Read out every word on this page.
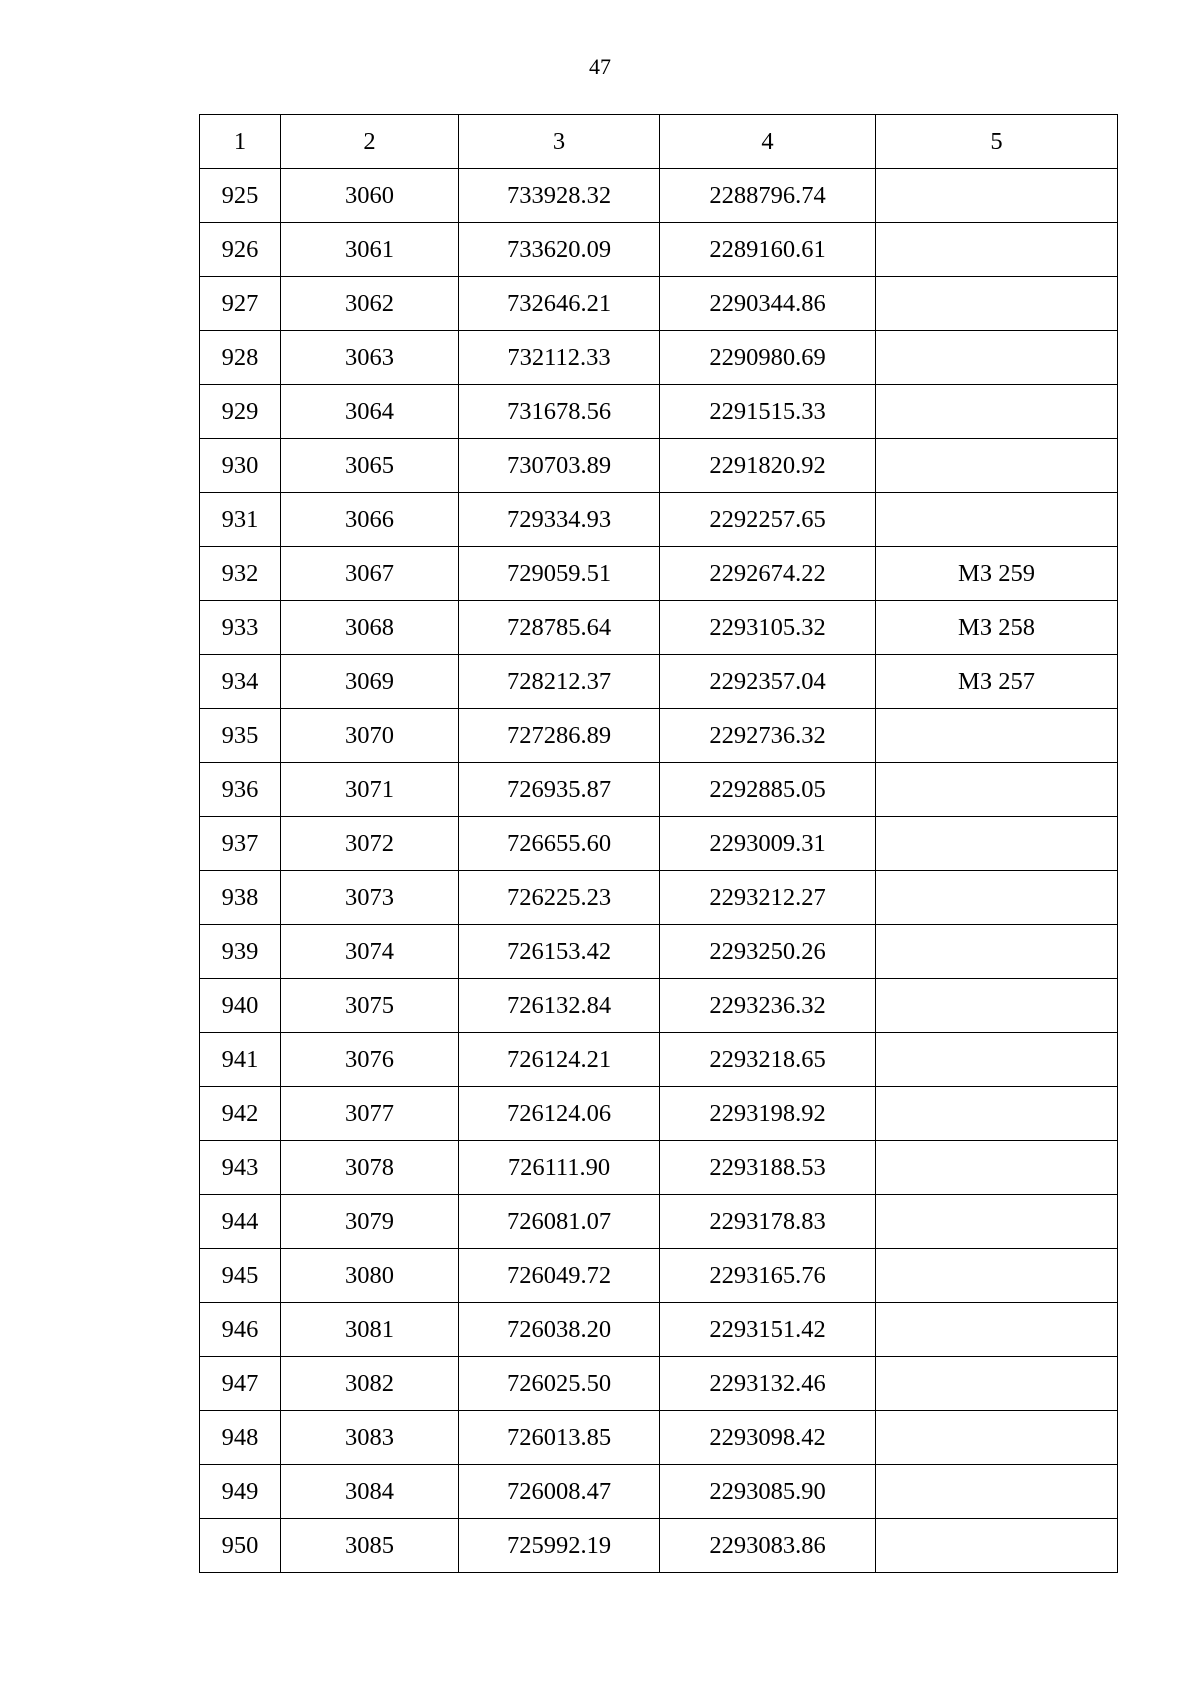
47
1	2	3	4	5
925	3060	733928.32	2288796.74	
926	3061	733620.09	2289160.61	
927	3062	732646.21	2290344.86	
928	3063	732112.33	2290980.69	
929	3064	731678.56	2291515.33	
930	3065	730703.89	2291820.92	
931	3066	729334.93	2292257.65	
932	3067	729059.51	2292674.22	МЗ 259
933	3068	728785.64	2293105.32	МЗ 258
934	3069	728212.37	2292357.04	МЗ 257
935	3070	727286.89	2292736.32	
936	3071	726935.87	2292885.05	
937	3072	726655.60	2293009.31	
938	3073	726225.23	2293212.27	
939	3074	726153.42	2293250.26	
940	3075	726132.84	2293236.32	
941	3076	726124.21	2293218.65	
942	3077	726124.06	2293198.92	
943	3078	726111.90	2293188.53	
944	3079	726081.07	2293178.83	
945	3080	726049.72	2293165.76	
946	3081	726038.20	2293151.42	
947	3082	726025.50	2293132.46	
948	3083	726013.85	2293098.42	
949	3084	726008.47	2293085.90	
950	3085	725992.19	2293083.86	
